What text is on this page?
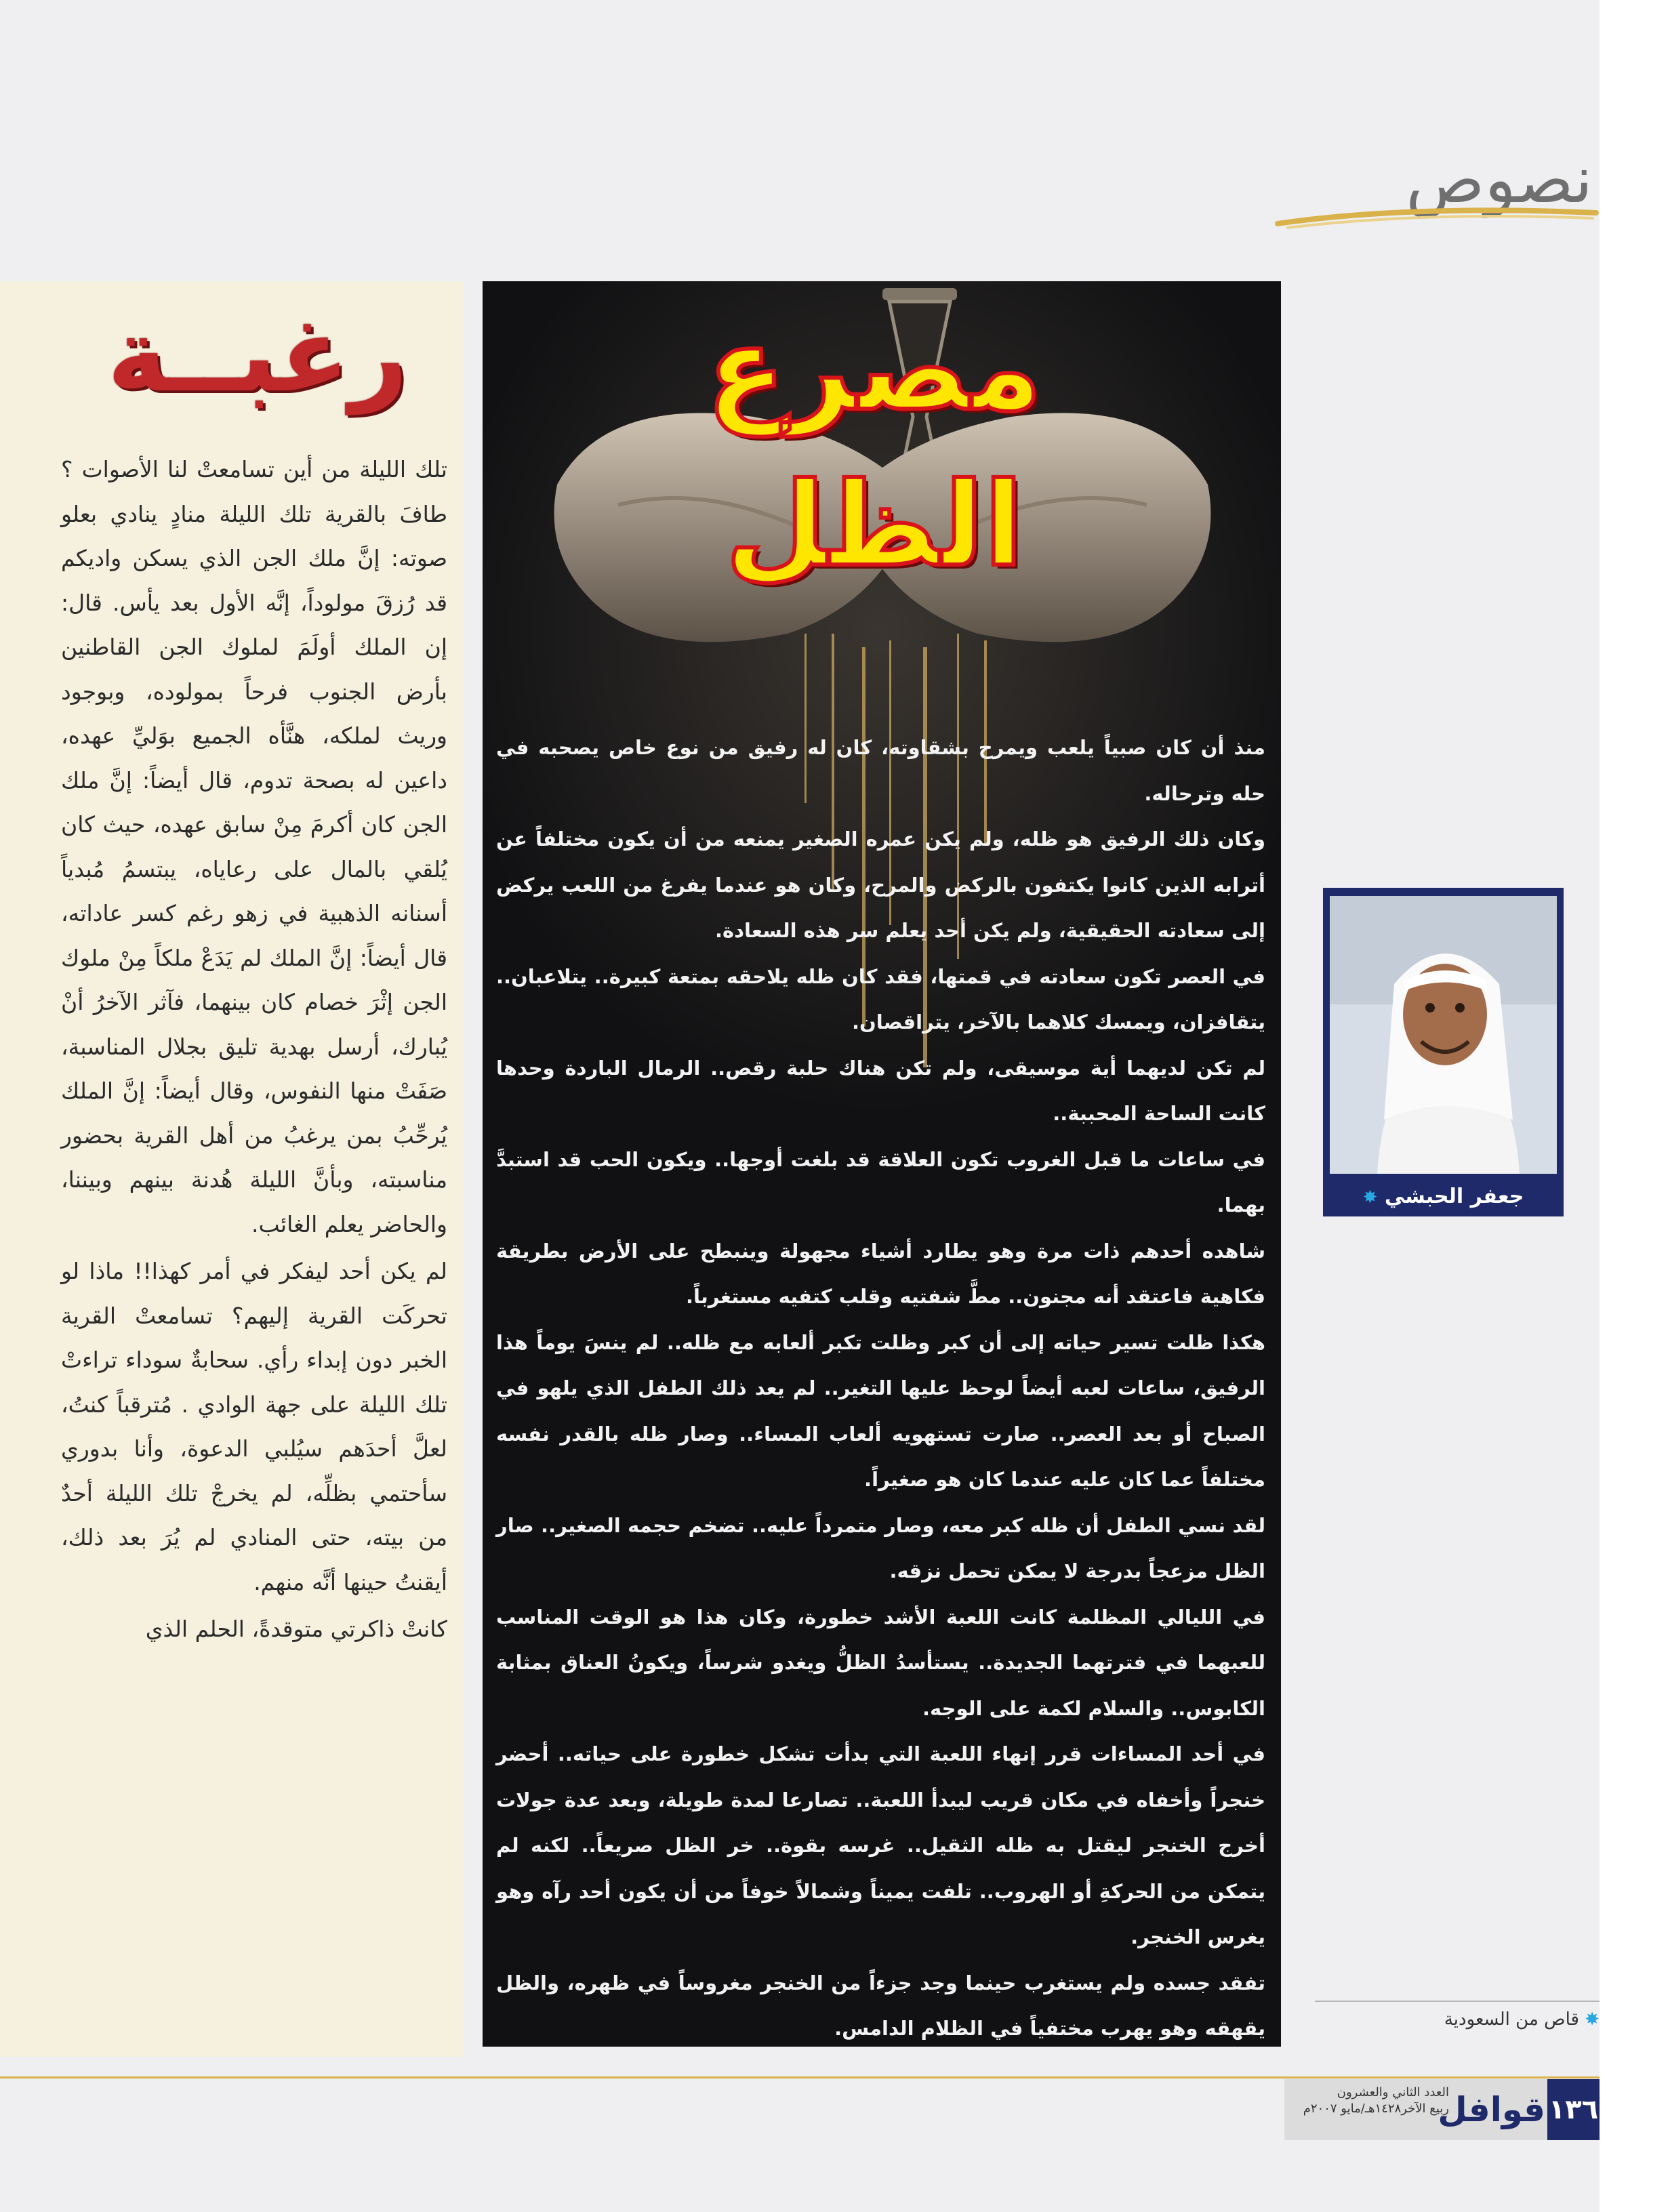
نصوص
رغبــة

تلك الليلة من أين تسامعتْ لنا الأصوات ؟ طافَ بالقرية تلك الليلة منادٍ ينادي بعلو صوته: إنَّ ملك الجن الذي يسكن واديكم قد رُزقَ مولوداً، إنَّه الأول بعد يأس. قال: إن الملك أولَمَ لملوك الجن القاطنين بأرض الجنوب فرحاً بمولوده، وبوجود وريث لملكه، هنَّأه الجميع بوَليِّ عهده، داعين له بصحة تدوم، قال أيضاً: إنَّ ملك الجن كان أكرمَ مِنْ سابق عهده، حيث كان يُلقي بالمال على رعاياه، يبتسمُ مُبدياً أسنانه الذهبية في زهو رغم كسر عاداته، قال أيضاً: إنَّ الملك لم يَدَعْ ملكاً مِنْ ملوك الجن إثْرَ خصام كان بينهما، فآثر الآخرُ أنْ يُبارك، أرسل بهدية تليق بجلال المناسبة، صَفَتْ منها النفوس، وقال أيضاً: إنَّ الملك يُرحِّبُ بمن يرغبُ من أهل القرية بحضور مناسبته، وبأنَّ الليلة هُدنة بينهم وبيننا، والحاضر يعلم الغائب.

لم يكن أحد ليفكر في أمر كهذا!! ماذا لو تحركَت القرية إليهم؟ تسامعتْ القرية الخبر دون إبداء رأي. سحابةٌ سوداء تراءتْ تلك الليلة على جهة الوادي . مُترقباً كنتُ، لعلَّ أحدَهم سيُلبي الدعوة، وأنا بدوري سأحتمي بظلِّه، لم يخرجْ تلك الليلة أحدٌ من بيته، حتى المنادي لم يُرَ بعد ذلك، أيقنتُ حينها أنَّه منهم.

كانتْ ذاكرتي متوقدةً، الحلم الذي

مصرع الظل

منذ أن كان صبياً يلعب ويمرح بشقاوته، كان له رفيق من نوع خاص يصحبه في حله وترحاله.

وكان ذلك الرفيق هو ظله، ولم يكن عمره الصغير يمنعه من أن يكون مختلفاً عن أترابه الذين كانوا يكتفون بالركض والمرح، وكان هو عندما يفرغ من اللعب يركض إلى سعادته الحقيقية، ولم يكن أحد يعلم سر هذه السعادة.

في العصر تكون سعادته في قمتها، فقد كان ظله يلاحقه بمتعة كبيرة.. يتلاعبان.. يتقافزان، ويمسك كلاهما بالآخر، يتراقصان.

لم تكن لديهما أية موسيقى، ولم تكن هناك حلبة رقص.. الرمال الباردة وحدها كانت الساحة المحببة..

في ساعات ما قبل الغروب تكون العلاقة قد بلغت أوجها.. ويكون الحب قد استبدَّ بهما.

شاهده أحدهم ذات مرة وهو يطارد أشياء مجهولة وينبطح على الأرض بطريقة فكاهية فاعتقد أنه مجنون.. مطَّ شفتيه وقلب كتفيه مستغرباً.

هكذا ظلت تسير حياته إلى أن كبر وظلت تكبر ألعابه مع ظله.. لم ينسَ يوماً هذا الرفيق، ساعات لعبه أيضاً لوحظ عليها التغير.. لم يعد ذلك الطفل الذي يلهو في الصباح أو بعد العصر.. صارت تستهويه ألعاب المساء.. وصار ظله بالقدر نفسه مختلفاً عما كان عليه عندما كان هو صغيراً.

لقد نسي الطفل أن ظله كبر معه، وصار متمرداً عليه.. تضخم حجمه الصغير.. صار الظل مزعجاً بدرجة لا يمكن تحمل نزقه.

في الليالي المظلمة كانت اللعبة الأشد خطورة، وكان هذا هو الوقت المناسب للعبهما في فترتهما الجديدة.. يستأسدُ الظلُّ ويغدو شرساً، ويكونُ العناق بمثابة الكابوس.. والسلام لكمة على الوجه.

في أحد المساءات قرر إنهاء اللعبة التي بدأت تشكل خطورة على حياته.. أحضر خنجراً وأخفاه في مكان قريب ليبدأ اللعبة.. تصارعا لمدة طويلة، وبعد عدة جولات أخرج الخنجر ليقتل به ظله الثقيل.. غرسه بقوة.. خر الظل صريعاً.. لكنه لم يتمكن من الحركةِ أو الهروب.. تلفت يميناً وشمالاً خوفاً من أن يكون أحد رآه وهو يغرس الخنجر.

تفقد جسده ولم يستغرب حينما وجد جزءاً من الخنجر مغروساً في ظهره، والظل يقهقه وهو يهرب مختفياً في الظلام الدامس.

جعفر الحبشي ✸
✸ قاص من السعودية
قوافل
العدد الثاني والعشرون
ربيع الآخر١٤٢٨هـ/مايو ٢٠٠٧م	١٣٦
